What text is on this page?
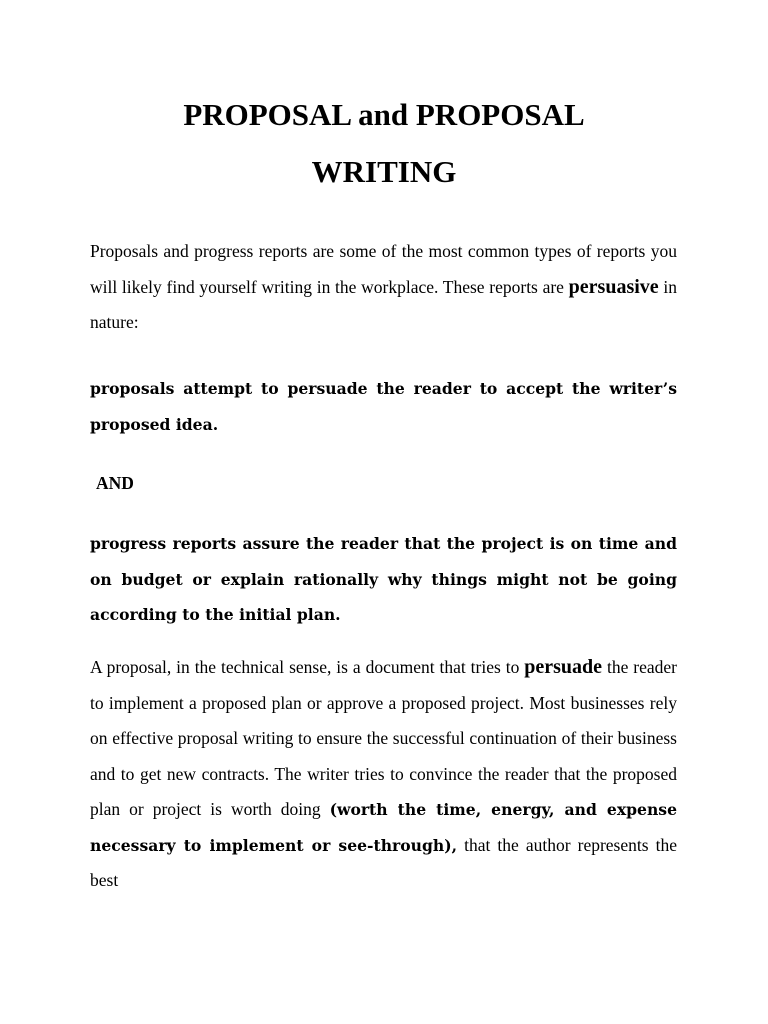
PROPOSAL and PROPOSAL
WRITING

Proposals and progress reports are some of the most common types of reports you will likely find yourself writing in the workplace. These reports are persuasive in nature:

proposals attempt to persuade the reader to accept the writer’s proposed idea.

AND

progress reports assure the reader that the project is on time and on budget or explain rationally why things might not be going according to the initial plan.

A proposal, in the technical sense, is a document that tries to persuade the reader to implement a proposed plan or approve a proposed project. Most businesses rely on effective proposal writing to ensure the successful continuation of their business and to get new contracts. The writer tries to convince the reader that the proposed plan or project is worth doing (worth the time, energy, and expense necessary to implement or see-through), that the author represents the best
